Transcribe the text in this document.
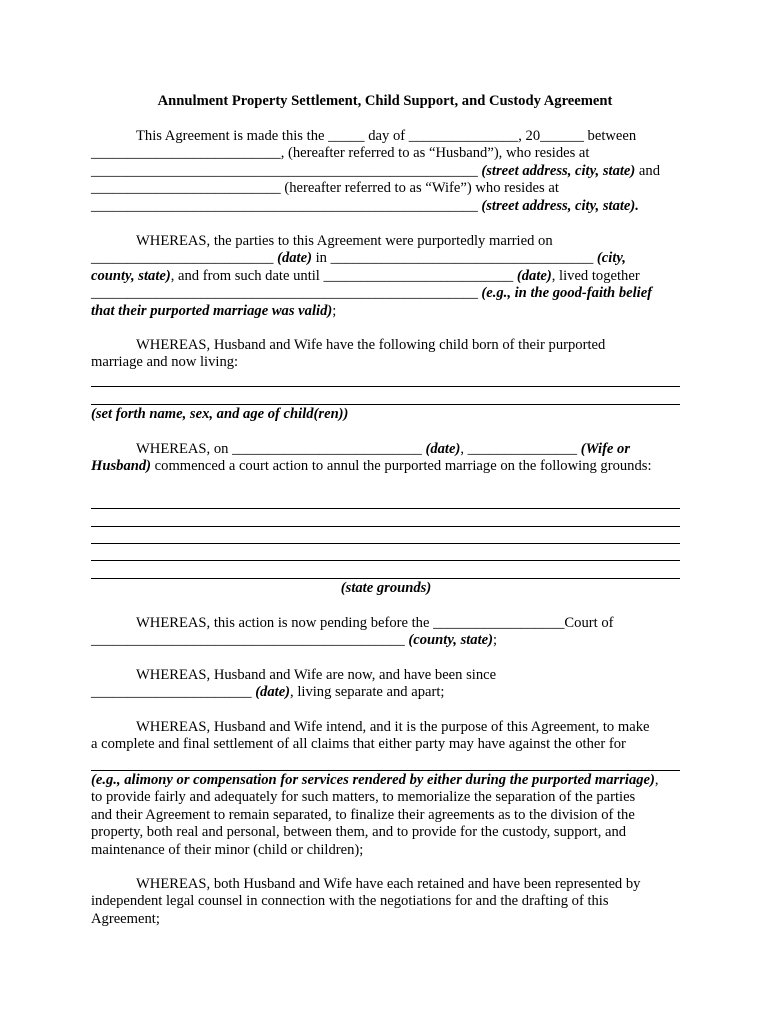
Annulment Property Settlement, Child Support, and Custody Agreement
This Agreement is made this the _____ day of _______________, 20______ between
__________________________, (hereafter referred to as “Husband”), who resides at
_____________________________________________________ (street address, city, state) and
__________________________ (hereafter referred to as “Wife”) who resides at
_____________________________________________________ (street address, city, state).
WHEREAS, the parties to this Agreement were purportedly married on
_________________________ (date) in ____________________________________ (city,
county, state), and from such date until __________________________ (date), lived together
_____________________________________________________ (e.g., in the good-faith belief
that their purported marriage was valid);
WHEREAS, Husband and Wife have the following child born of their purported
marriage and now living:
(set forth name, sex, and age of child(ren))
WHEREAS, on __________________________ (date), _______________ (Wife or
Husband) commenced a court action to annul the purported marriage on the following grounds:
(state grounds)
WHEREAS, this action is now pending before the __________________Court of
___________________________________________ (county, state);
WHEREAS, Husband and Wife are now, and have been since
______________________ (date), living separate and apart;
WHEREAS, Husband and Wife intend, and it is the purpose of this Agreement, to make
a complete and final settlement of all claims that either party may have against the other for
(e.g., alimony or compensation for services rendered by either during the purported marriage),
to provide fairly and adequately for such matters, to memorialize the separation of the parties
and their Agreement to remain separated, to finalize their agreements as to the division of the
property, both real and personal, between them, and to provide for the custody, support, and
maintenance of their minor (child or children);
WHEREAS, both Husband and Wife have each retained and have been represented by
independent legal counsel in connection with the negotiations for and the drafting of this
Agreement;
